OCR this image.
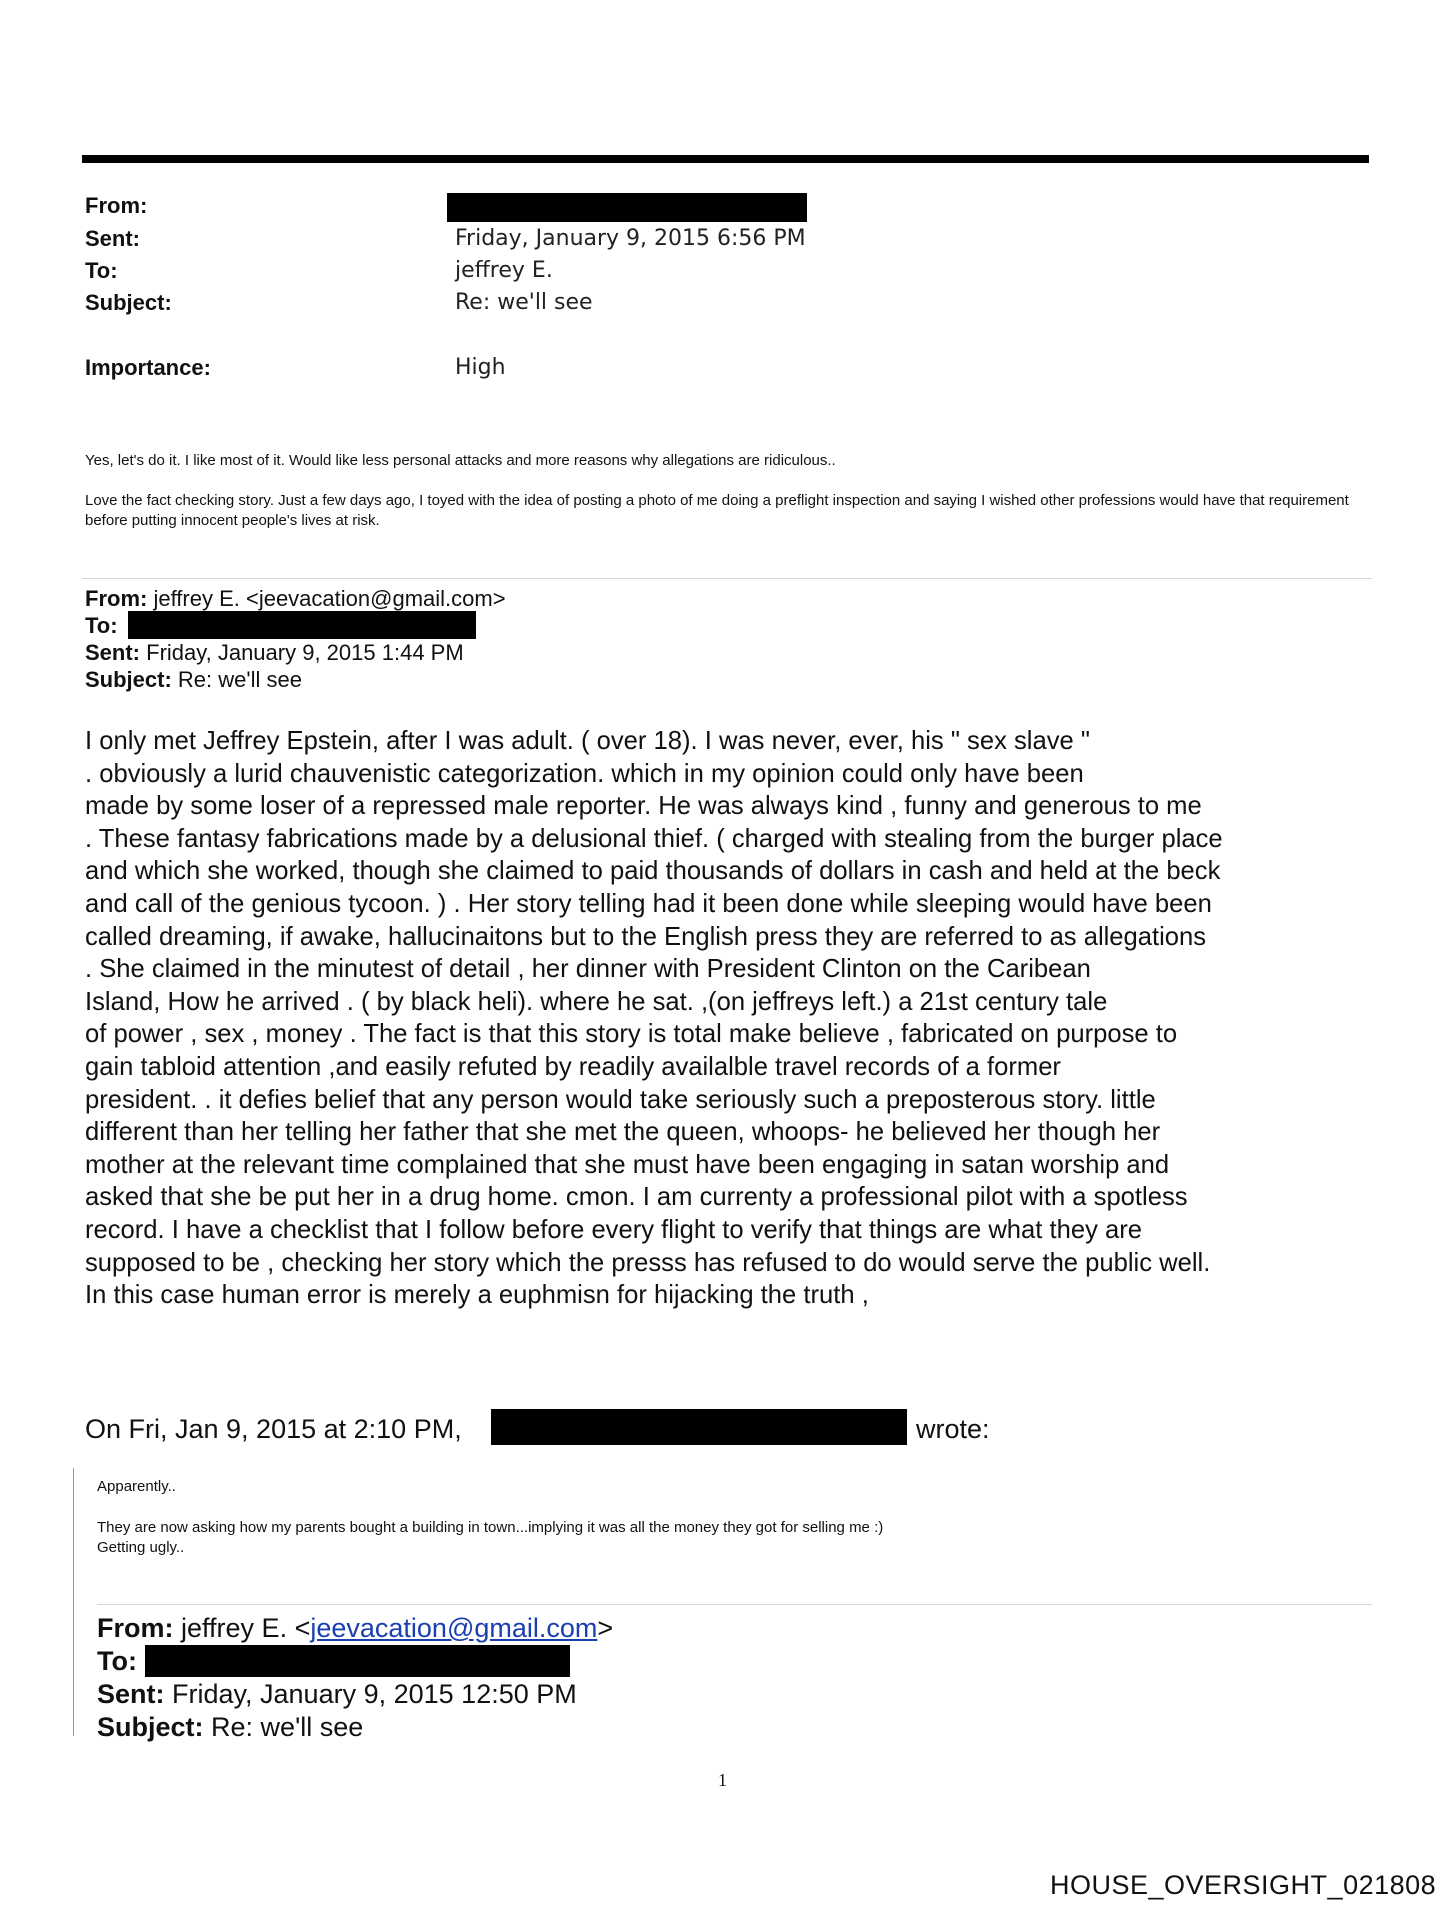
From:
Sent:	Friday, January 9, 2015 6:56 PM
To:	jeffrey E.
Subject:	Re: we'll see
Importance:	High
Yes, let's do it. I like most of it. Would like less personal attacks and more reasons why allegations are ridiculous..
Love the fact checking story. Just a few days ago, I toyed with the idea of posting a photo of me doing a preflight inspection and saying I wished other professions would have that requirement before putting innocent people's lives at risk.
From: jeffrey E. <jeevacation@gmail.com>
To:
Sent: Friday, January 9, 2015 1:44 PM
Subject: Re: we'll see
I only met Jeffrey Epstein, after I was adult. ( over 18). I was never, ever, his " sex slave "
. obviously a lurid chauvenistic categorization. which in my opinion could only have been
made by some loser of a repressed male reporter. He was always kind , funny and generous to me
. These fantasy fabrications made by a delusional thief. ( charged with stealing from the burger place
and which she worked, though she claimed to paid thousands of dollars in cash and held at the beck
and call of the genious tycoon. ) . Her story telling had it been done while sleeping would have been
called dreaming, if awake, hallucinaitons but to the English press they are referred to as allegations
. She claimed in the minutest of detail , her dinner with President Clinton on the Caribean
Island, How he arrived . ( by black heli). where he sat. ,(on jeffreys left.) a 21st century tale
of power , sex , money . The fact is that this story is total make believe , fabricated on purpose to
gain tabloid attention ,and easily refuted by readily availalble travel records of a former
president. . it defies belief that any person would take seriously such a preposterous story. little
different than her telling her father that she met the queen, whoops- he believed her though her
mother at the relevant time complained that she must have been engaging in satan worship and
asked that she be put her in a drug home. cmon. I am currenty a professional pilot with a spotless
record. I have a checklist that I follow before every flight to verify that things are what they are
supposed to be , checking her story which the presss has refused to do would serve the public well.
In this case human error is merely a euphmisn for hijacking the truth ,
On Fri, Jan 9, 2015 at 2:10 PM,	wrote:
Apparently..
They are now asking how my parents bought a building in town...implying it was all the money they got for selling me :)
Getting ugly..
From: jeffrey E. <jeevacation@gmail.com>
To:
Sent: Friday, January 9, 2015 12:50 PM
Subject: Re: we'll see
1
HOUSE_OVERSIGHT_021808
